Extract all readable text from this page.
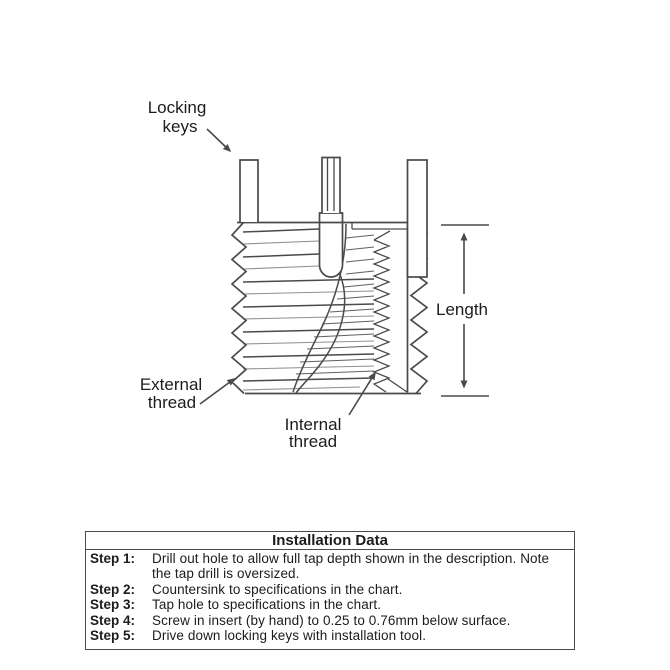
Length
Locking
keys
External
thread
Internal
thread
Installation Data
Step 1:	Drill out hole to allow full tap depth shown in the description. Note the tap drill is oversized.
Step 2:	Countersink to specifications in the chart.
Step 3:	Tap hole to specifications in the chart.
Step 4:	Screw in insert (by hand) to 0.25 to 0.76mm below surface.
Step 5:	Drive down locking keys with installation tool.
